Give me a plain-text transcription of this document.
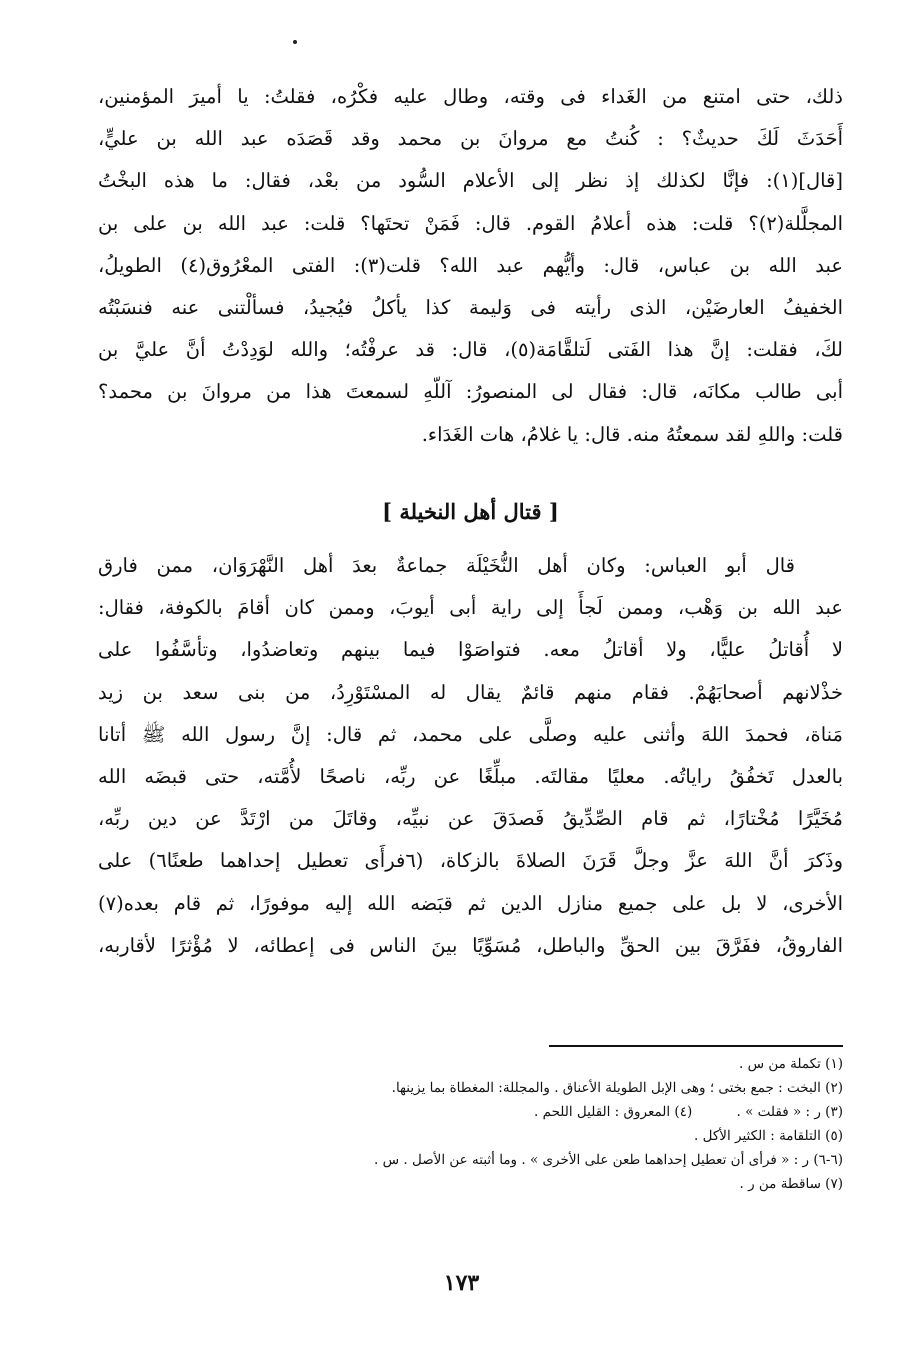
ذلك، حتى امتنع من الغَداء فى وقته، وطال عليه فكْرُه، فقلتُ: يا أميرَ المؤمنين،
أَحَدَثَ لَكَ حديثٌ؟ : كُنتُ مع مروانَ بن محمد وقد قَصَدَه عبد الله بن عليٍّ،
[قال](١): فإنَّا لكذلك إذ نظر إلى الأعلام السُّود من بعْد، فقال: ما هذه البخْتُ
المجلَّلة(٢)؟ قلت: هذه أعلامُ القوم. قال: فَمَنْ تحتَها؟ قلت: عبد الله بن على بن
عبد الله بن عباس، قال: وأيُّهم عبد الله؟ قلت(٣): الفتى المعْرُوق(٤) الطويلُ،
الخفيفُ العارضَيْن، الذى رأيته فى وَليمة كذا يأكلُ فيُجيدُ، فسألْتنى عنه فنسَبْتُه
لكَ، فقلت: إنَّ هذا الفَتى لَتلقَّامَة(٥)، قال: قد عرفْتُه؛ والله لوَدِدْتُ أنَّ عليَّ بن
أبى طالب مكانَه، قال: فقال لى المنصورُ: آللّهِ لسمعتَ هذا من مروانَ بن محمد؟
قلت: واللهِ لقد سمعتُهُ منه. قال: يا غلامُ، هات الغَدَاء.
[ قتال أهل النخيلة ]
قال أبو العباس: وكان أهل النُّخَيْلَة جماعةٌ بعدَ أهل النَّهْرَوَان، ممن فارق
عبد الله بن وَهْب، وممن لَجأَ إلى راية أبى أيوبَ، وممن كان أقامَ بالكوفة، فقال:
لا أُقاتلُ عليًّا، ولا أقاتلُ معه. فتواصَوْا فيما بينهم وتعاضدُوا، وتأسَّفُوا على
خذْلانهم أصحابَهُمْ. فقام منهم قائمٌ يقال له المسْتَوْرِدُ، من بنى سعد بن زيد
مَناة، فحمدَ اللهَ وأثنى عليه وصلَّى على محمد، ثم قال: إنَّ رسول الله ﷺ أتانا
بالعدل تَخفُقُ راياتُه. معليًا مقالتَه. مبلِّغًا عن ربِّه، ناصحًا لأُمَّته، حتى قبضَه الله
مُخَيَّرًا مُخْتارًا، ثم قام الصِّدِّيقُ فَصدَقَ عن نبيِّه، وقاتَلَ من ارْتَدَّ عن دين ربِّه،
وذَكرَ أنَّ اللهَ عزَّ وجلَّ قَرَنَ الصلاةَ بالزكاة، (٦فرأَى تعطيل إحداهما طعنًا٦) على
الأخرى، لا بل على جميع منازل الدين ثم قبَضه الله إليه موفورًا، ثم قام بعده(٧)
الفاروقُ، ففَرَّقَ بين الحقِّ والباطل، مُسَوِّيًا بينَ الناس فى إعطائه، لا مُؤْثرًا لأقاربه،
(١) تكملة من س .
(٢) البخت : جمع بختى ؛ وهى الإبل الطويلة الأعناق . والمجللة: المغطاة بما يزينها.
(٣) ر : « فقلت » . (٤) المعروق : القليل اللحم .
(٥) التلقامة : الكثير الأكل .
(٦-٦) ر : « فرأى أن تعطيل إحداهما طعن على الأخرى » . وما أثبته عن الأصل . س .
(٧) ساقطة من ر .
١٧٣
